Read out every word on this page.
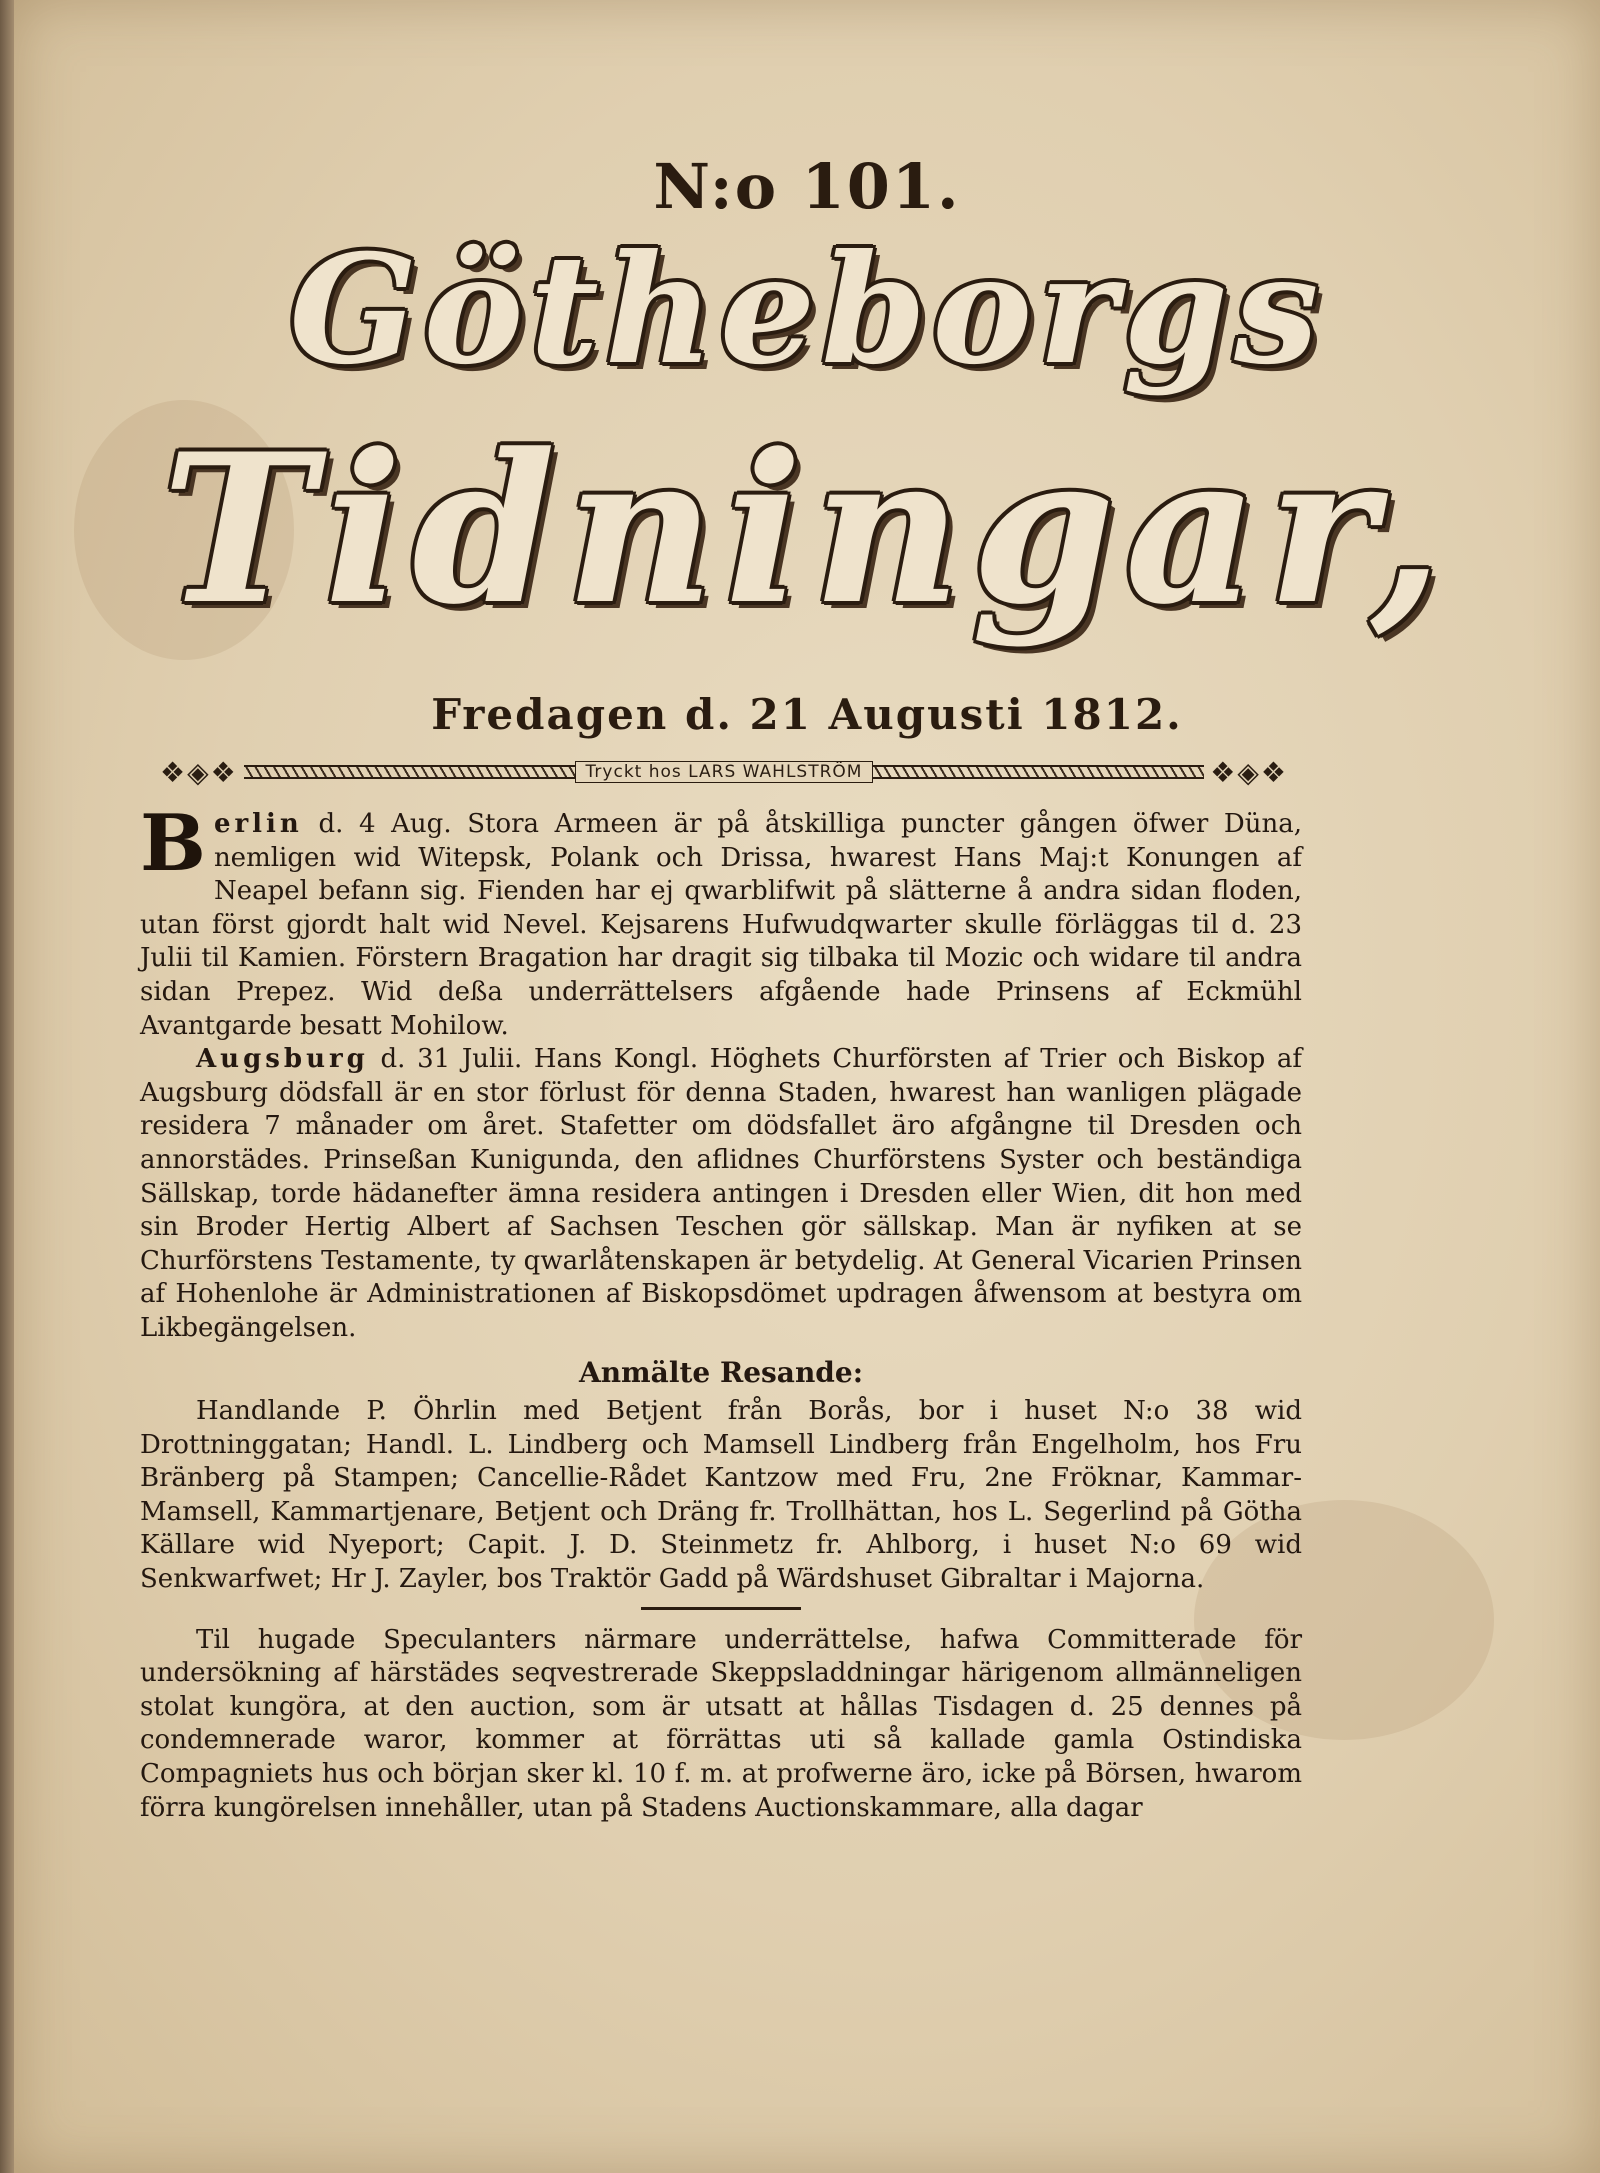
N:o 101.
Götheborgs
Tidningar,
Fredagen d. 21 Augusti 1812.
❖◈❖	Tryckt hos LARS WAHLSTRÖM	❖◈❖

Berlin d. 4 Aug. Stora Armeen är på åtskilliga puncter gången öfwer Düna, nemligen wid Witepsk, Polank och Drissa, hwarest Hans Maj:t Konungen af Neapel befann sig. Fienden har ej qwarblifwit på slätterne å andra sidan floden, utan först gjordt halt wid Nevel. Kejsarens Hufwudqwarter skulle förläggas til d. 23 Julii til Kamien. Förstern Bragation har dragit sig tilbaka til Mozic och widare til andra sidan Prepez. Wid deßa underrättelsers afgående hade Prinsens af Eckmühl Avantgarde besatt Mohilow.

Augsburg d. 31 Julii. Hans Kongl. Höghets Churförsten af Trier och Biskop af Augsburg dödsfall är en stor förlust för denna Staden, hwarest han wanligen plägade residera 7 månader om året. Stafetter om dödsfallet äro afgångne til Dresden och annorstädes. Prinseßan Kunigunda, den aflidnes Churförstens Syster och beständiga Sällskap, torde hädanefter ämna residera antingen i Dresden eller Wien, dit hon med sin Broder Hertig Albert af Sachsen Teschen gör sällskap. Man är nyfiken at se Churförstens Testamente, ty qwarlåtenskapen är betydelig. At General Vicarien Prinsen af Hohenlohe är Administrationen af Biskopsdömet updragen åfwensom at bestyra om Likbegängelsen.

Anmälte Resande:

Handlande P. Öhrlin med Betjent från Borås, bor i huset N:o 38 wid Drottninggatan; Handl. L. Lindberg och Mamsell Lindberg från Engelholm, hos Fru Bränberg på Stampen; Cancellie-Rådet Kantzow med Fru, 2ne Fröknar, Kammar-Mamsell, Kammartjenare, Betjent och Dräng fr. Trollhättan, hos L. Segerlind på Götha Källare wid Nyeport; Capit. J. D. Steinmetz fr. Ahlborg, i huset N:o 69 wid Senkwarfwet; Hr J. Zayler, bos Traktör Gadd på Wärdshuset Gibraltar i Majorna.

Til hugade Speculanters närmare underrättelse, hafwa Committerade för undersökning af härstädes seqvestrerade Skeppsladdningar härigenom allmänneligen stolat kungöra, at den auction, som är utsatt at hållas Tisdagen d. 25 dennes på condemnerade waror, kommer at förrättas uti så kallade gamla Ostindiska Compagniets hus och början sker kl. 10 f. m. at profwerne äro, icke på Börsen, hwarom förra kungörelsen innehåller, utan på Stadens Auctionskammare, alla dagar
